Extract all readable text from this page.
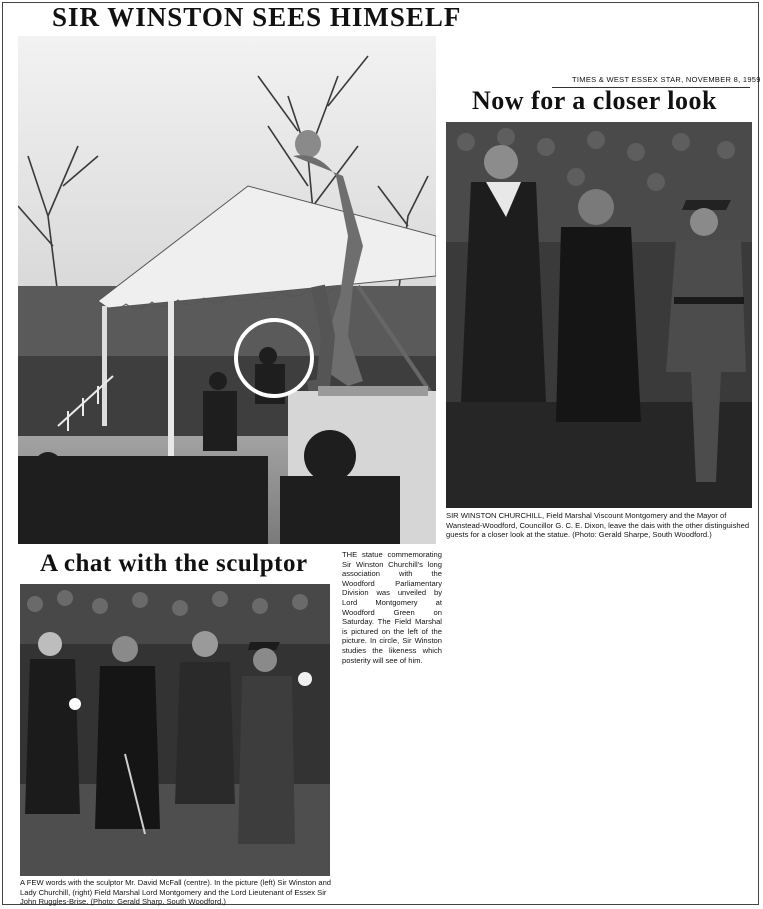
SIR WINSTON SEES HIMSELF
TIMES & WEST ESSEX STAR, NOVEMBER 8, 1959
Now for a closer look

SIR WINSTON CHURCHILL, Field Marshal Viscount Montgomery and the Mayor of Wanstead-Woodford, Councillor G. C. E. Dixon, leave the dais with the other distinguished guests for a closer look at the statue. (Photo: Gerald Sharpe, South Woodford.)

A chat with the sculptor	THE statue commemorating Sir Winston Churchill's long association with the Woodford Parliamentary Division was unveiled by Lord Montgomery at Woodford Green on Saturday. The Field Marshal is pictured on the left of the picture. In circle, Sir Winston studies the likeness which posterity will see of him.

A FEW words with the sculptor Mr. David McFall (centre). In the picture (left) Sir Winston and Lady Churchill, (right) Field Marshal Lord Montgomery and the Lord Lieutenant of Essex Sir John Ruggles-Brise. (Photo: Gerald Sharp, South Woodford.)
